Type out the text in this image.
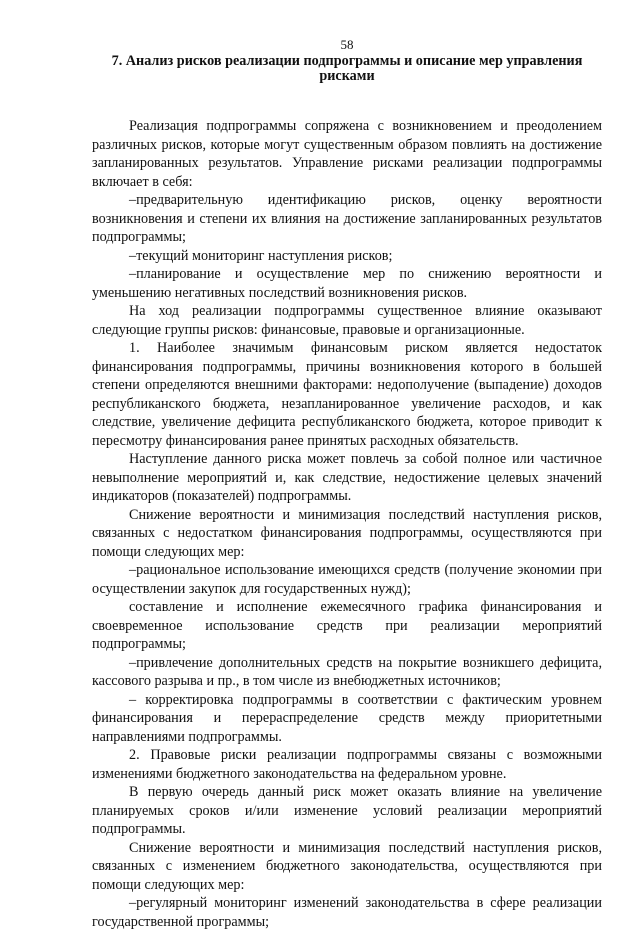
58
7. Анализ рисков реализации подпрограммы и описание мер управления рисками

Реализация подпрограммы сопряжена с возникновением и преодолением различных рисков, которые могут существенным образом повлиять на достижение запланированных результатов. Управление рисками реализации подпрограммы включает в себя:

–предварительную идентификацию рисков, оценку вероятности возникновения и степени их влияния на достижение запланированных результатов подпрограммы;

–текущий мониторинг наступления рисков;

–планирование и осуществление мер по снижению вероятности и уменьшению негативных последствий возникновения рисков.

На ход реализации подпрограммы существенное влияние оказывают следующие группы рисков: финансовые, правовые и организационные.

1. Наиболее значимым финансовым риском является недостаток финансирования подпрограммы, причины возникновения которого в большей степени определяются внешними факторами: недополучение (выпадение) доходов республиканского бюджета, незапланированное увеличение расходов, и как следствие, увеличение дефицита республиканского бюджета, которое приводит к пересмотру финансирования ранее принятых расходных обязательств.

Наступление данного риска может повлечь за собой полное или частичное невыполнение мероприятий и, как следствие, недостижение целевых значений индикаторов (показателей) подпрограммы.

Снижение вероятности и минимизация последствий наступления рисков, связанных с недостатком финансирования подпрограммы, осуществляются при помощи следующих мер:

–рациональное использование имеющихся средств (получение экономии при осуществлении закупок для государственных нужд);

составление и исполнение ежемесячного графика финансирования и своевременное использование средств при реализации мероприятий подпрограммы;

–привлечение дополнительных средств на покрытие возникшего дефицита, кассового разрыва и пр., в том числе из внебюджетных источников;

– корректировка подпрограммы в соответствии с фактическим уровнем финансирования и перераспределение средств между приоритетными направлениями подпрограммы.

2. Правовые риски реализации подпрограммы связаны с возможными изменениями бюджетного законодательства на федеральном уровне.

В первую очередь данный риск может оказать влияние на увеличение планируемых сроков и/или изменение условий реализации мероприятий подпрограммы.

Снижение вероятности и минимизация последствий наступления рисков, связанных с изменением бюджетного законодательства, осуществляются при помощи следующих мер:

–регулярный мониторинг изменений законодательства в сфере реализации государственной программы;
